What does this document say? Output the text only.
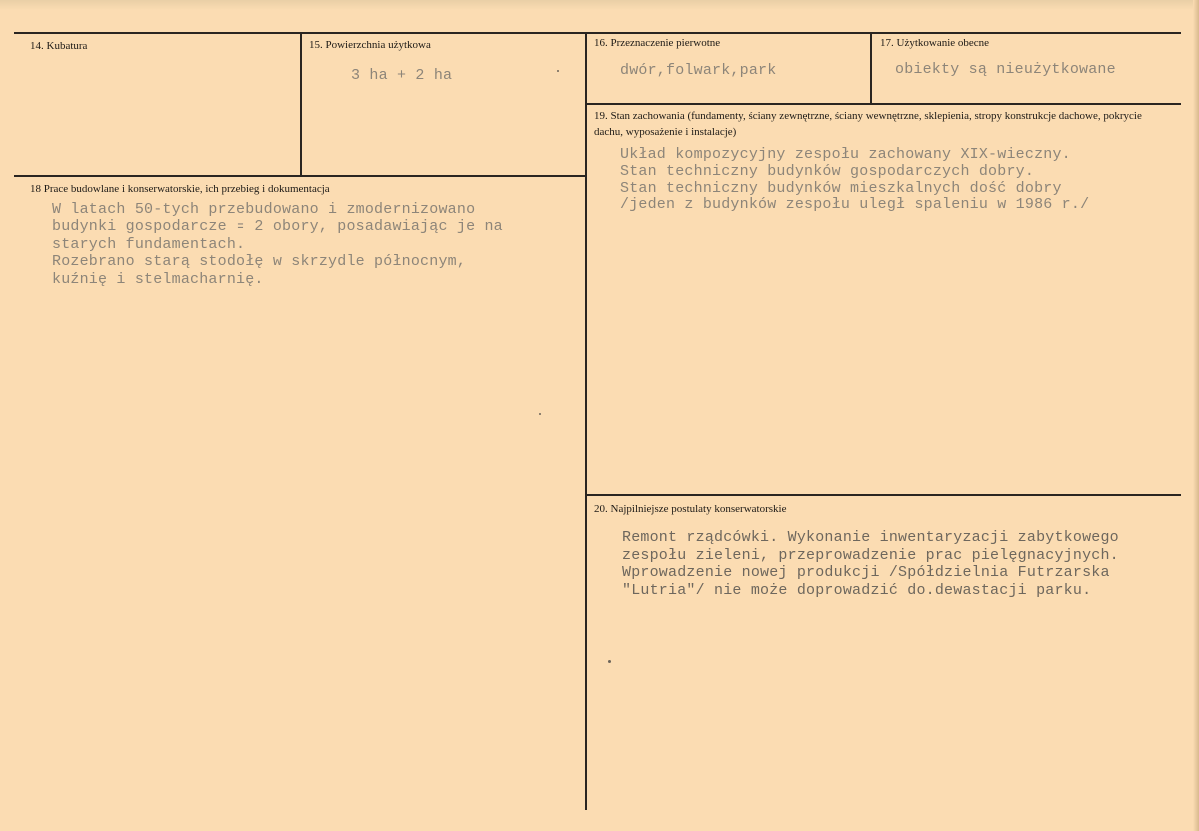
14. Kubatura	15. Powierzchnia użytkowa
3 ha + 2 ha
16. Przeznaczenie pierwotne
dwór,folwark,park
17. Użytkowanie obecne
obiekty są nieużytkowane
18 Prace budowlane i konserwatorskie, ich przebieg i dokumentacja
W latach 50-tych przebudowano i zmodernizowano
budynki gospodarcze ꞊ 2 obory, posadawiając je na
starych fundamentach.
Rozebrano starą stodołę w skrzydle północnym,
kuźnię i stelmacharnię.
19. Stan zachowania (fundamenty, ściany zewnętrzne, ściany wewnętrzne, sklepienia, stropy konstrukcje dachowe, pokrycie dachu, wyposażenie i instalacje)
Układ kompozycyjny zespołu zachowany XIX-wieczny.
Stan techniczny budynków gospodarczych dobry.
Stan techniczny budynków mieszkalnych dość dobry
/jeden z budynków zespołu uległ spaleniu w 1986 r./
20. Najpilniejsze postulaty konserwatorskie
Remont rządcówki. Wykonanie inwentaryzacji zabytkowego
zespołu zieleni, przeprowadzenie prac pielęgnacyjnych.
Wprowadzenie nowej produkcji /Spółdzielnia Futrzarska
"Lutria"/ nie może doprowadzić do.dewastacji parku.
